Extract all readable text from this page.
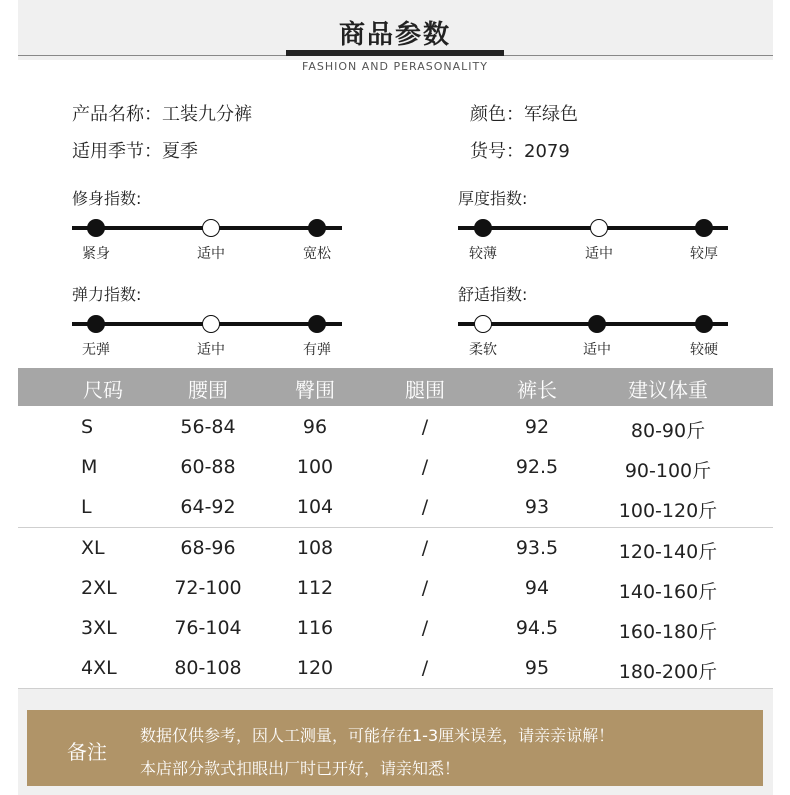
商品参数
FASHION AND PERASONALITY
产品名称：工装九分裤
适用季节：夏季
颜色：军绿色
货号：2079
修身指数:
紧身	适中	宽松
厚度指数:
较薄	适中	较厚
弹力指数:
无弹	适中	有弹
舒适指数:
柔软	适中	较硬
尺码	腰围	臀围	腿围	裤长	建议体重
S	56-84	96	/	92	80-90斤
M	60-88	100	/	92.5	90-100斤
L	64-92	104	/	93	100-120斤
XL	68-96	108	/	93.5	120-140斤
2XL	72-100	112	/	94	140-160斤
3XL	76-104	116	/	94.5	160-180斤
4XL	80-108	120	/	95	180-200斤
备注
数据仅供参考，因人工测量，可能存在1-3厘米误差，请亲亲谅解！
本店部分款式扣眼出厂时已开好，请亲知悉！
